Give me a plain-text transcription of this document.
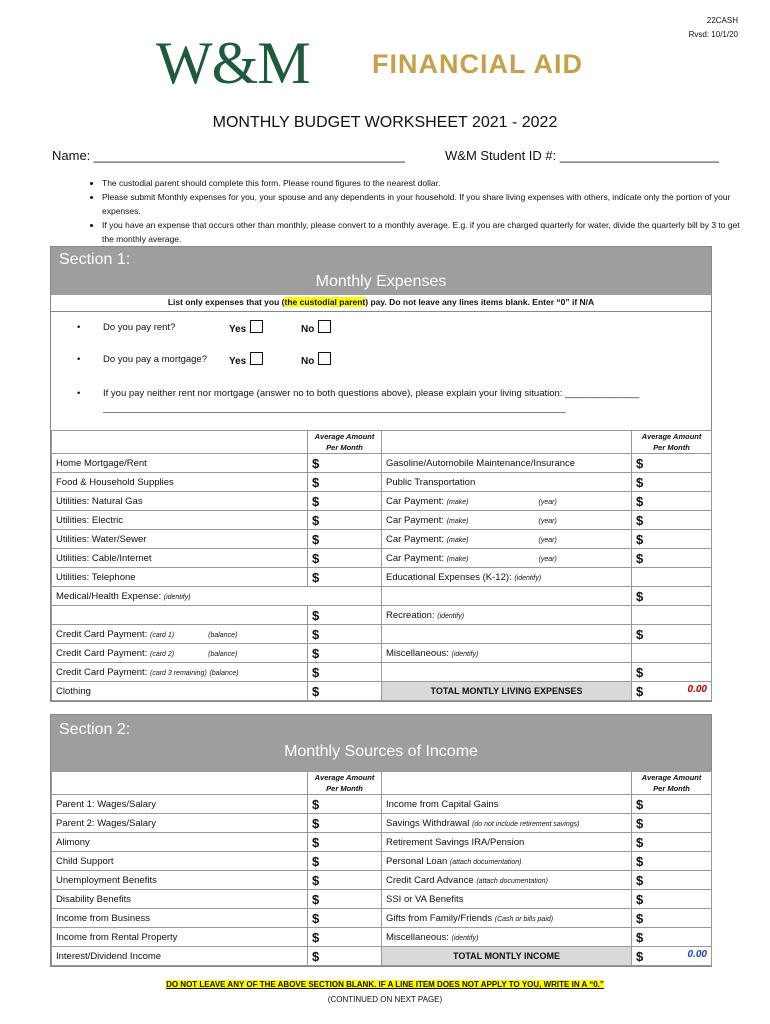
22CASH
Rvsd: 10/1/20
W&M FINANCIAL AID
MONTHLY BUDGET WORKSHEET 2021 - 2022
Name: ___________________________________________	W&M Student ID #: ______________________
• The custodial parent should complete this form. Please round figures to the nearest dollar.
• Please submit Monthly expenses for you, your spouse and any dependents in your household. If you share living expenses with others, indicate only the portion of your expenses.
• If you have an expense that occurs other than monthly, please convert to a monthly average. E.g. if you are charged quarterly for water, divide the quarterly bill by 3 to get the monthly average.
Section 1:
Monthly Expenses
List only expenses that you (the custodial parent) pay. Do not leave any lines items blank. Enter “0” if N/A
• Do you pay rent?	Yes	No
• Do you pay a mortgage? Yes	No
• If you pay neither rent nor mortgage (answer no to both questions above), please explain your living situation: ______________
________________________________________________________________________________________________________
	Average Amount
Per Month		Average Amount
Per Month
Home Mortgage/Rent	$	Gasoline/Automobile Maintenance/Insurance	$
Food & Household Supplies	$	Public Transportation	$
Utilities: Natural Gas	$	Car Payment: (make) (year)	$
Utilities: Electric	$	Car Payment: (make) (year)	$
Utilities: Water/Sewer	$	Car Payment: (make) (year)	$
Utilities: Cable/Internet	$	Car Payment: (make) (year)	$
Utilities: Telephone	$	Educational Expenses (K-12): (identify)	
Medical/Health Expense: (identify)			$
	$	Recreation: (identify)	
Credit Card Payment: (card 1) (balance)	$		$
Credit Card Payment: (card 2) (balance)	$	Miscellaneous: (identify)	
Credit Card Payment: (card 3 remaining) (balance)	$		$
Clothing	$	TOTAL MONTLY LIVING EXPENSES	$ 0.00
Section 2:
Monthly Sources of Income
	Average Amount
Per Month		Average Amount
Per Month
Parent 1: Wages/Salary	$	Income from Capital Gains	$
Parent 2: Wages/Salary	$	Savings Withdrawal (do not include retirement savings)	$
Alimony	$	Retirement Savings IRA/Pension	$
Child Support	$	Personal Loan (attach documentation)	$
Unemployment Benefits	$	Credit Card Advance (attach documentation)	$
Disability Benefits	$	SSI or VA Benefits	$
Income from Business	$	Gifts from Family/Friends (Cash or bills paid)	$
Income from Rental Property	$	Miscellaneous: (identify)	$
Interest/Dividend Income	$	TOTAL MONTLY INCOME	$ 0.00
DO NOT LEAVE ANY OF THE ABOVE SECTION BLANK. IF A LINE ITEM DOES NOT APPLY TO YOU, WRITE IN A “0.”
(CONTINUED ON NEXT PAGE)
